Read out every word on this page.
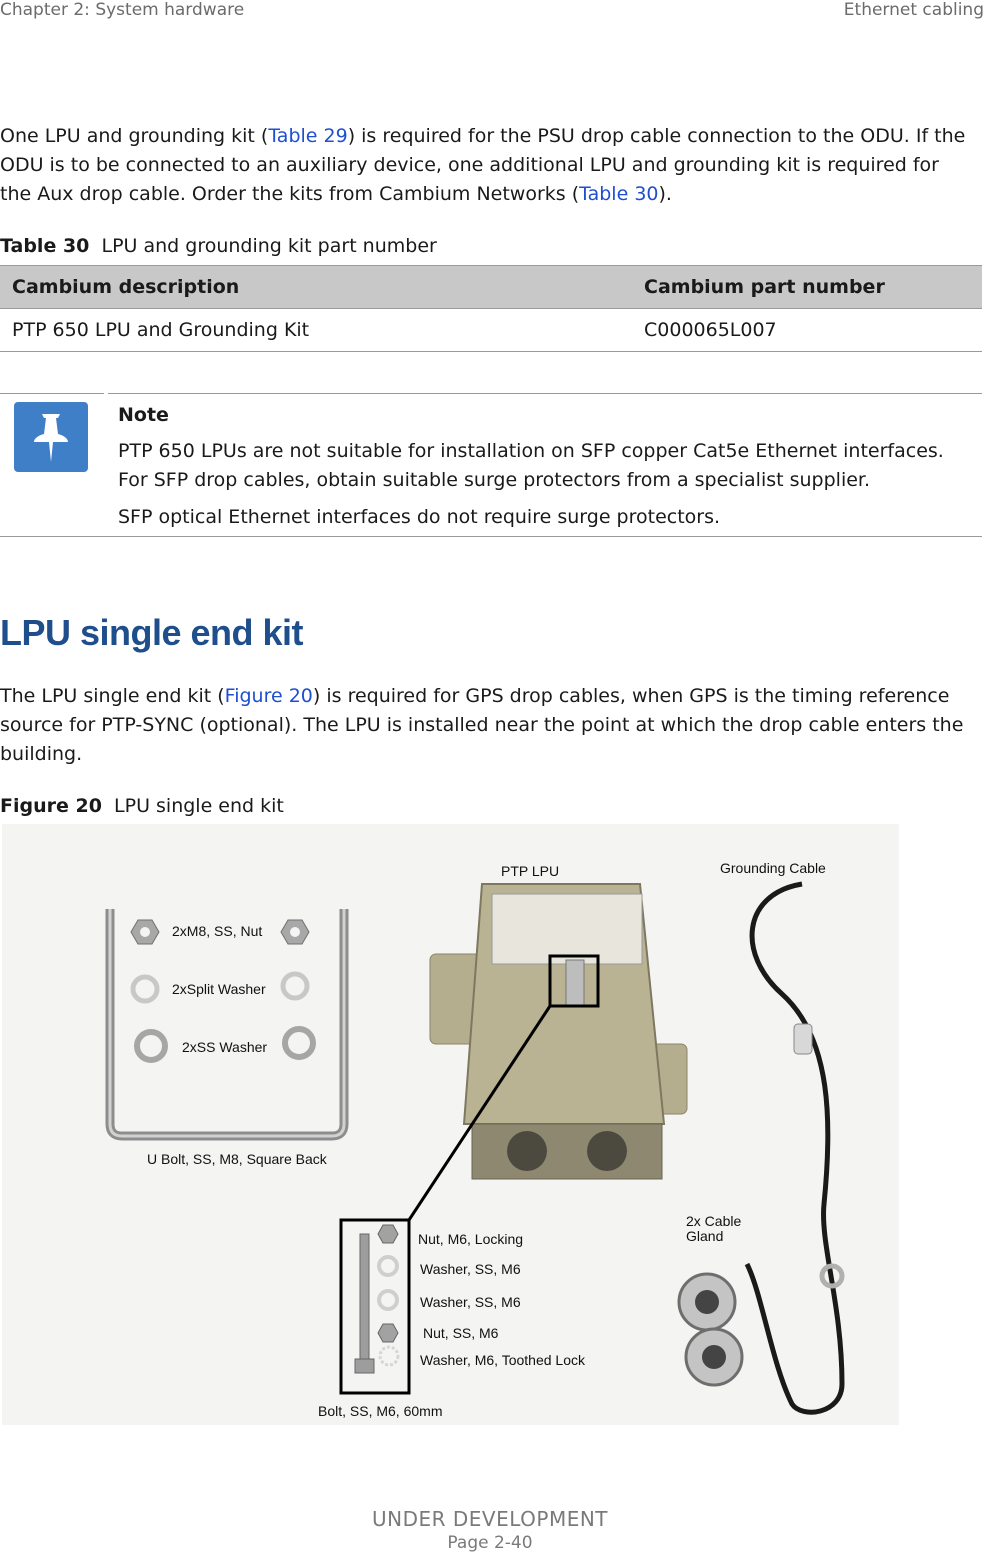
Chapter 2: System hardware	Ethernet cabling

One LPU and grounding kit (Table 29) is required for the PSU drop cable connection to the ODU. If the ODU is to be connected to an auxiliary device, one additional LPU and grounding kit is required for the Aux drop cable. Order the kits from Cambium Networks (Table 30).

Table 30 LPU and grounding kit part number
Cambium description	Cambium part number
PTP 650 LPU and Grounding Kit	C000065L007
Note

PTP 650 LPUs are not suitable for installation on SFP copper Cat5e Ethernet interfaces. For SFP drop cables, obtain suitable surge protectors from a specialist supplier.

SFP optical Ethernet interfaces do not require surge protectors.

LPU single end kit

The LPU single end kit (Figure 20) is required for GPS drop cables, when GPS is the timing reference source for PTP-SYNC (optional). The LPU is installed near the point at which the drop cable enters the building.

Figure 20 LPU single end kit
2xM8, SS, Nut
2xSplit Washer
2xSS Washer
U Bolt, SS, M8, Square Back
PTP LPU	Grounding Cable
Nut, M6, Locking
Washer, SS, M6
Washer, SS, M6
Nut, SS, M6
Washer, M6, Toothed Lock
Bolt, SS, M6, 60mm
2x Cable
Gland
UNDER DEVELOPMENT
Page 2-40
